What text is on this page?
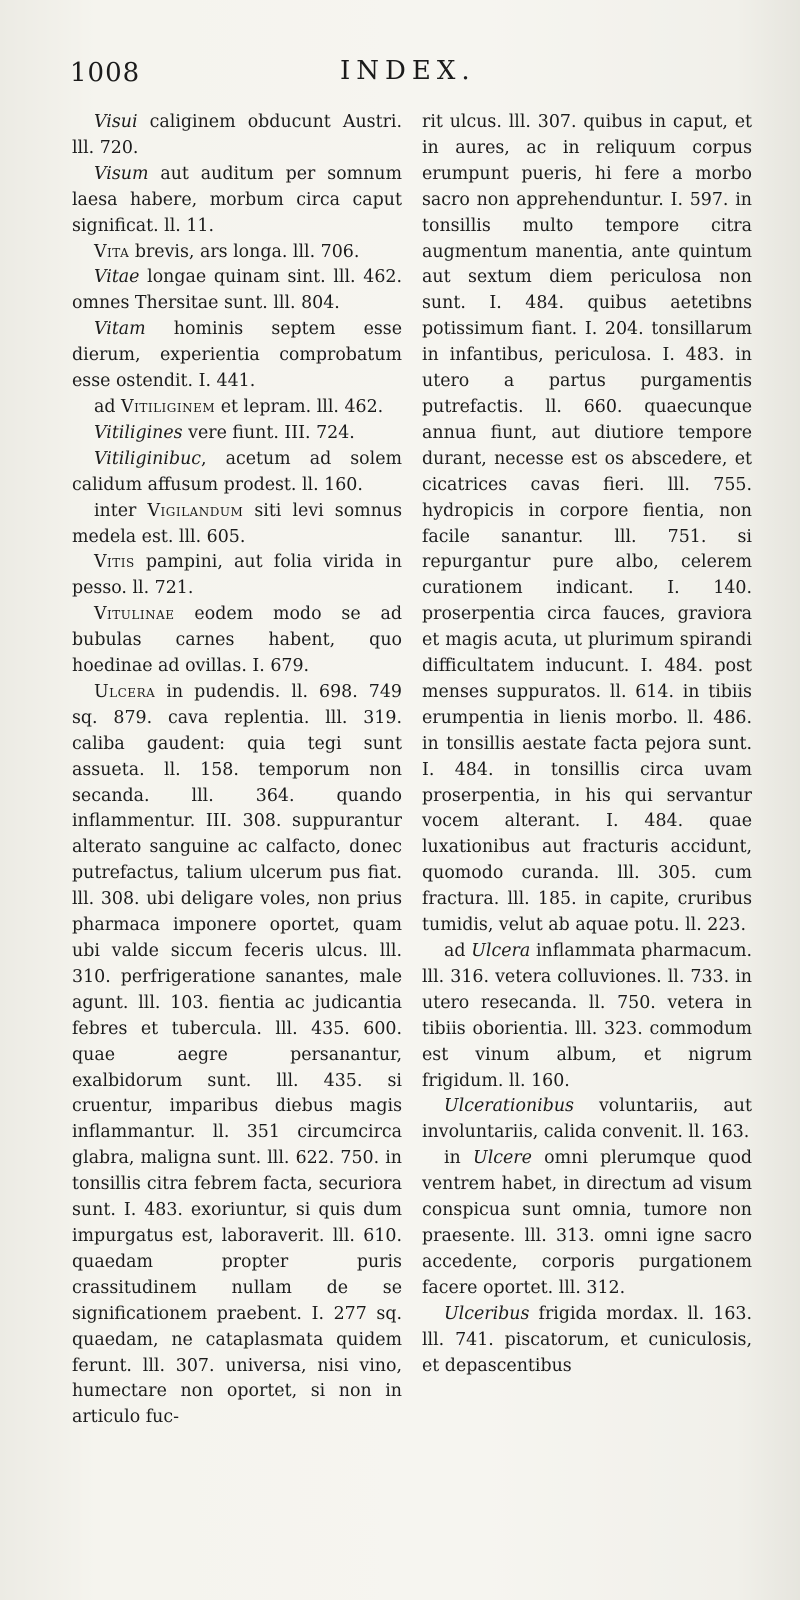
1008	INDEX.

Visui caliginem obducunt Austri. lll. 720.

Visum aut auditum per somnum laesa habere, morbum circa caput significat. ll. 11.

Vita brevis, ars longa. lll. 706.

Vitae longae quinam sint. lll. 462. omnes Thersitae sunt. lll. 804.

Vitam hominis septem esse dierum, experientia comprobatum esse ostendit. I. 441.

ad Vitiliginem et lepram. lll. 462.

Vitiligines vere fiunt. III. 724.

Vitiliginibuc, acetum ad solem calidum affusum prodest. ll. 160.

inter Vigilandum siti levi somnus medela est. lll. 605.

Vitis pampini, aut folia virida in pesso. ll. 721.

Vitulinae eodem modo se ad bubulas carnes habent, quo hoedinae ad ovillas. I. 679.

Ulcera in pudendis. ll. 698. 749 sq. 879. cava replentia. lll. 319. caliba gaudent: quia tegi sunt assueta. ll. 158. temporum non secanda. lll. 364. quando inflammentur. III. 308. suppurantur alterato sanguine ac calfacto, donec putrefactus, talium ulcerum pus fiat. lll. 308. ubi deligare voles, non prius pharmaca imponere oportet, quam ubi valde siccum feceris ulcus. lll. 310. perfrigeratione sanantes, male agunt. lll. 103. fientia ac judicantia febres et tubercula. lll. 435. 600. quae aegre persanantur, exalbidorum sunt. lll. 435. si cruentur, imparibus diebus magis inflammantur. ll. 351 circumcirca glabra, maligna sunt. lll. 622. 750. in tonsillis citra febrem facta, securiora sunt. I. 483. exoriuntur, si quis dum impurgatus est, laboraverit. lll. 610. quaedam propter puris crassitudinem nullam de se significationem praebent. I. 277 sq. quaedam, ne cataplasmata quidem ferunt. lll. 307. universa, nisi vino, humectare non oportet, si non in articulo fuc-

rit ulcus. lll. 307. quibus in caput, et in aures, ac in reliquum corpus erumpunt pueris, hi fere a morbo sacro non apprehenduntur. I. 597. in tonsillis multo tempore citra augmentum manentia, ante quintum aut sextum diem periculosa non sunt. I. 484. quibus aetetibns potissimum fiant. I. 204. tonsillarum in infantibus, periculosa. I. 483. in utero a partus purgamentis putrefactis. ll. 660. quaecunque annua fiunt, aut diutiore tempore durant, necesse est os abscedere, et cicatrices cavas fieri. lll. 755. hydropicis in corpore fientia, non facile sanantur. lll. 751. si repurgantur pure albo, celerem curationem indicant. I. 140. proserpentia circa fauces, graviora et magis acuta, ut plurimum spirandi difficultatem inducunt. I. 484. post menses suppuratos. ll. 614. in tibiis erumpentia in lienis morbo. ll. 486. in tonsillis aestate facta pejora sunt. I. 484. in tonsillis circa uvam proserpentia, in his qui servantur vocem alterant. I. 484. quae luxationibus aut fracturis accidunt, quomodo curanda. lll. 305. cum fractura. lll. 185. in capite, cruribus tumidis, velut ab aquae potu. ll. 223.

ad Ulcera inflammata pharmacum. lll. 316. vetera colluviones. ll. 733. in utero resecanda. ll. 750. vetera in tibiis oborientia. lll. 323. commodum est vinum album, et nigrum frigidum. ll. 160.

Ulcerationibus voluntariis, aut involuntariis, calida convenit. ll. 163.

in Ulcere omni plerumque quod ventrem habet, in directum ad visum conspicua sunt omnia, tumore non praesente. lll. 313. omni igne sacro accedente, corporis purgationem facere oportet. lll. 312.

Ulceribus frigida mordax. ll. 163. lll. 741. piscatorum, et cuniculosis, et depascentibus
